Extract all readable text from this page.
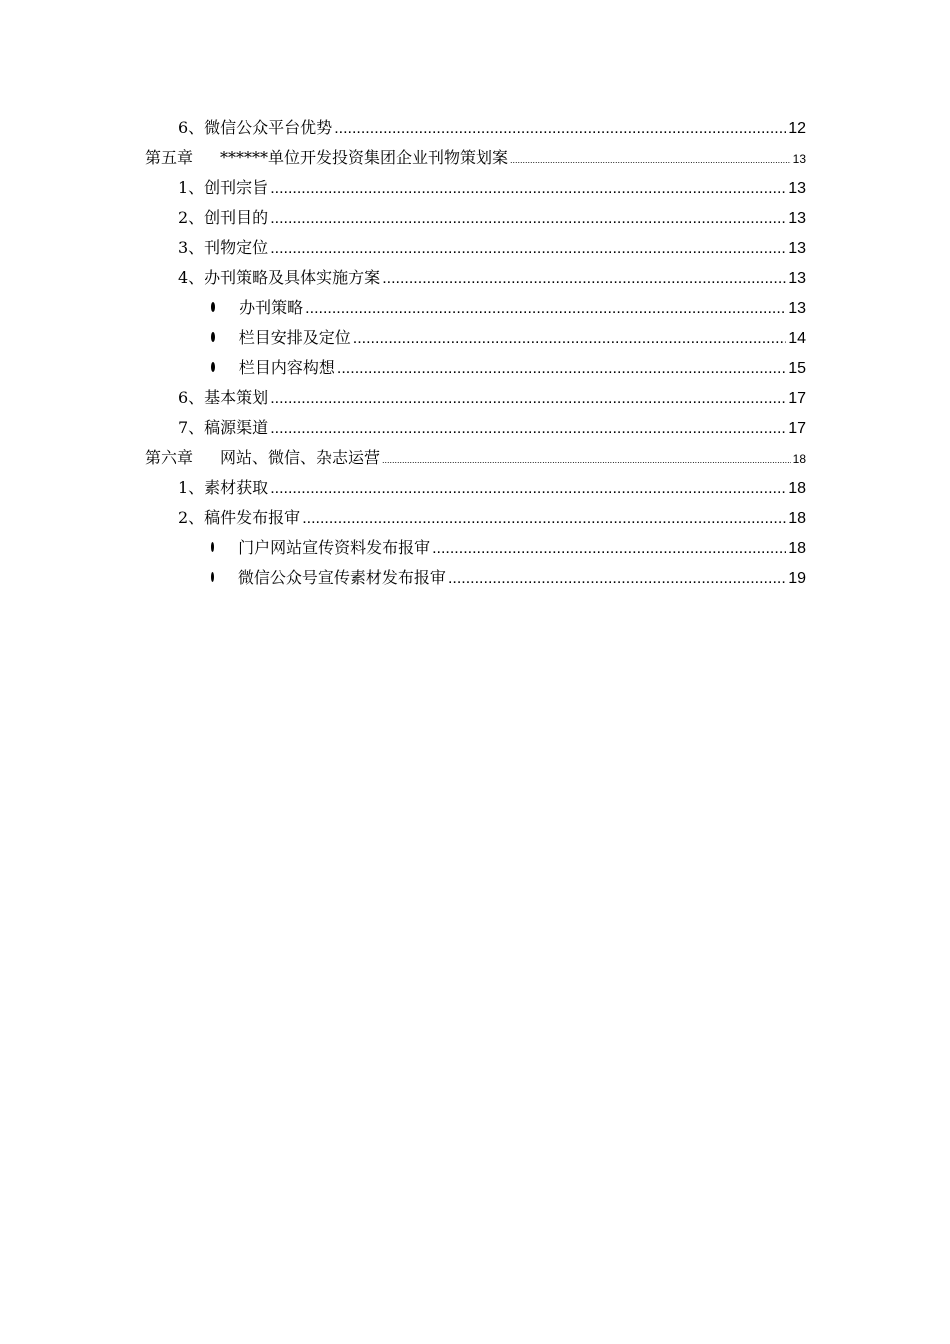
6、微信公众平台优势 .....	12
第五章 ******单位开发投资集团企业刊物策划案 .....	13
1、创刊宗旨 .....	13
2、创刊目的 .....	13
3、刊物定位 .....	13
4、办刊策略及具体实施方案 .....	13
办刊策略 .....	13
栏目安排及定位 .....	14
栏目内容构想 .....	15
6、基本策划 .....	17
7、稿源渠道 .....	17
第六章 网站、微信、杂志运营 .....	18
1、素材获取 .....	18
2、稿件发布报审 .....	18
门户网站宣传资料发布报审 .....	18
微信公众号宣传素材发布报审 .....	19
